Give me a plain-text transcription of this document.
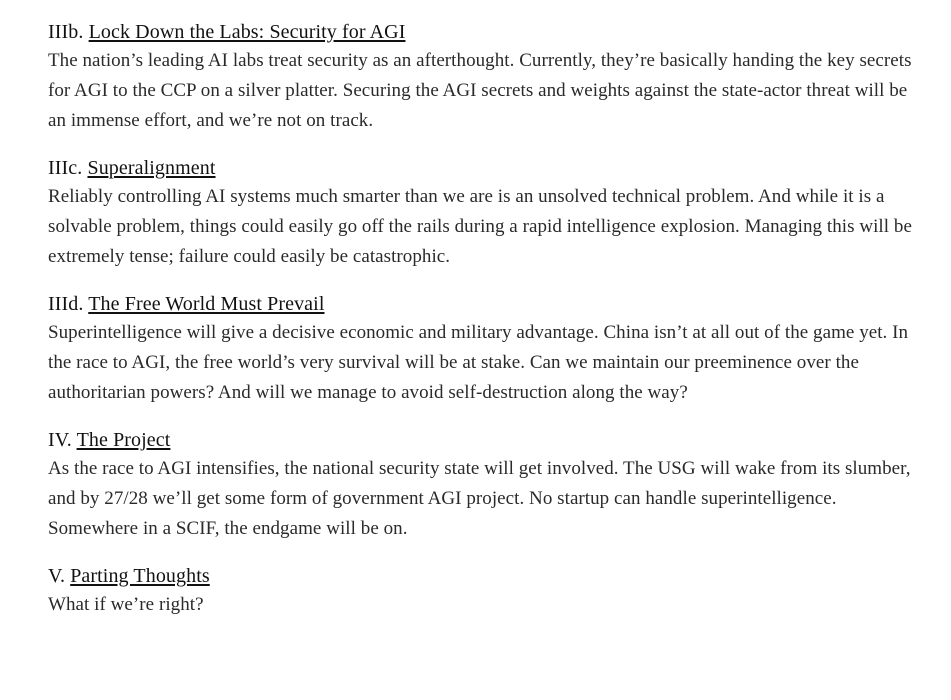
IIIb. Lock Down the Labs: Security for AGI

The nation’s leading AI labs treat security as an afterthought. Currently, they’re basically handing the key secrets for AGI to the CCP on a silver platter. Securing the AGI secrets and weights against the state-actor threat will be an immense effort, and we’re not on track.

IIIc. Superalignment

Reliably controlling AI systems much smarter than we are is an unsolved technical problem. And while it is a solvable problem, things could easily go off the rails during a rapid intelligence explosion. Managing this will be extremely tense; failure could easily be catastrophic.

IIId. The Free World Must Prevail

Superintelligence will give a decisive economic and military advantage. China isn’t at all out of the game yet. In the race to AGI, the free world’s very survival will be at stake. Can we maintain our preeminence over the authoritarian powers? And will we manage to avoid self-destruction along the way?

IV. The Project

As the race to AGI intensifies, the national security state will get involved. The USG will wake from its slumber, and by 27/28 we’ll get some form of government AGI project. No startup can handle superintelligence. Somewhere in a SCIF, the endgame will be on.

V. Parting Thoughts

What if we’re right?
